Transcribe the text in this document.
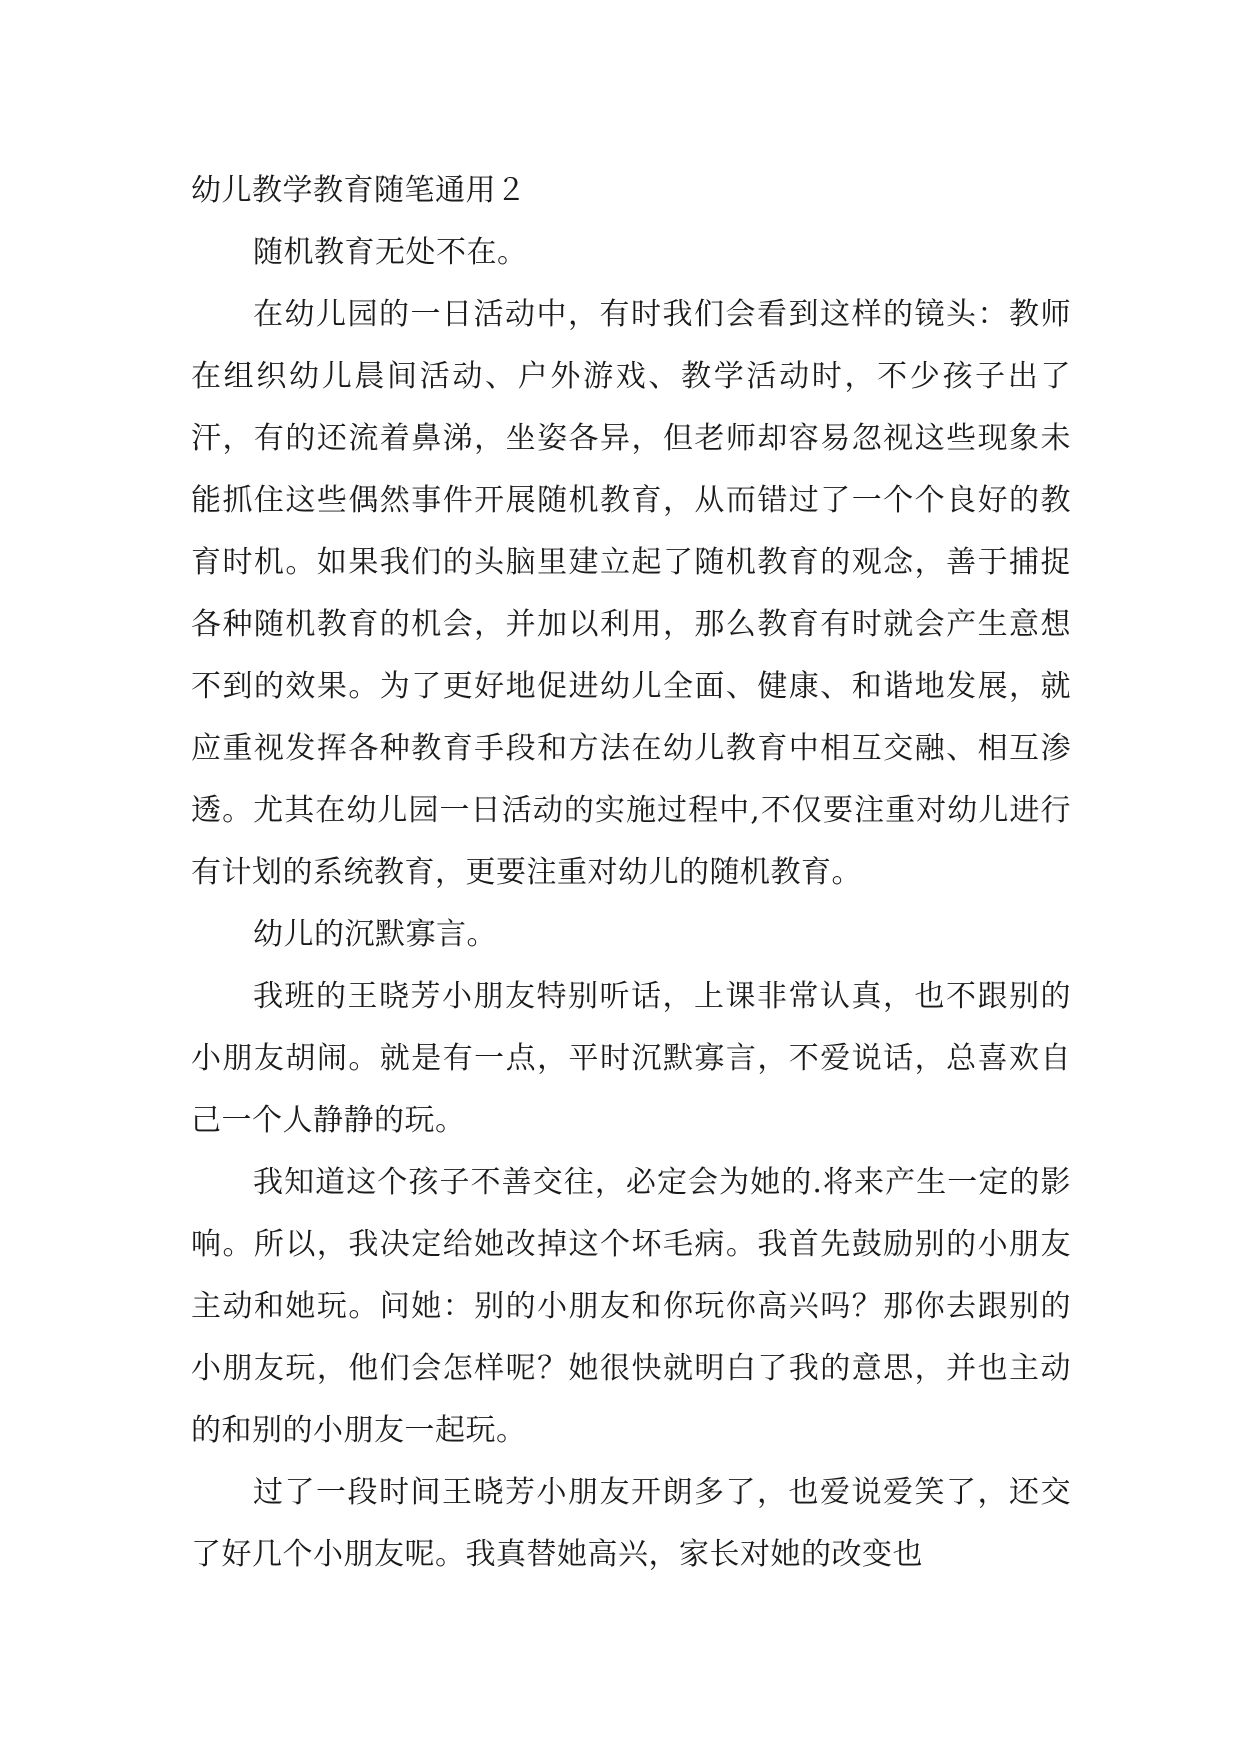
幼儿教学教育随笔通用２

随机教育无处不在。

在幼儿园的一日活动中，有时我们会看到这样的镜头：教师在组织幼儿晨间活动、户外游戏、教学活动时，不少孩子出了汗，有的还流着鼻涕，坐姿各异，但老师却容易忽视这些现象未能抓住这些偶然事件开展随机教育，从而错过了一个个良好的教育时机。如果我们的头脑里建立起了随机教育的观念，善于捕捉各种随机教育的机会，并加以利用，那么教育有时就会产生意想不到的效果。为了更好地促进幼儿全面、健康、和谐地发展，就应重视发挥各种教育手段和方法在幼儿教育中相互交融、相互渗透。尤其在幼儿园一日活动的实施过程中,不仅要注重对幼儿进行有计划的系统教育，更要注重对幼儿的随机教育。

幼儿的沉默寡言。

我班的王晓芳小朋友特别听话，上课非常认真，也不跟别的小朋友胡闹。就是有一点，平时沉默寡言，不爱说话，总喜欢自己一个人静静的玩。

我知道这个孩子不善交往，必定会为她的.将来产生一定的影响。所以，我决定给她改掉这个坏毛病。我首先鼓励别的小朋友主动和她玩。问她：别的小朋友和你玩你高兴吗？那你去跟别的小朋友玩，他们会怎样呢？她很快就明白了我的意思，并也主动的和别的小朋友一起玩。

过了一段时间王晓芳小朋友开朗多了，也爱说爱笑了，还交了好几个小朋友呢。我真替她高兴，家长对她的改变也
